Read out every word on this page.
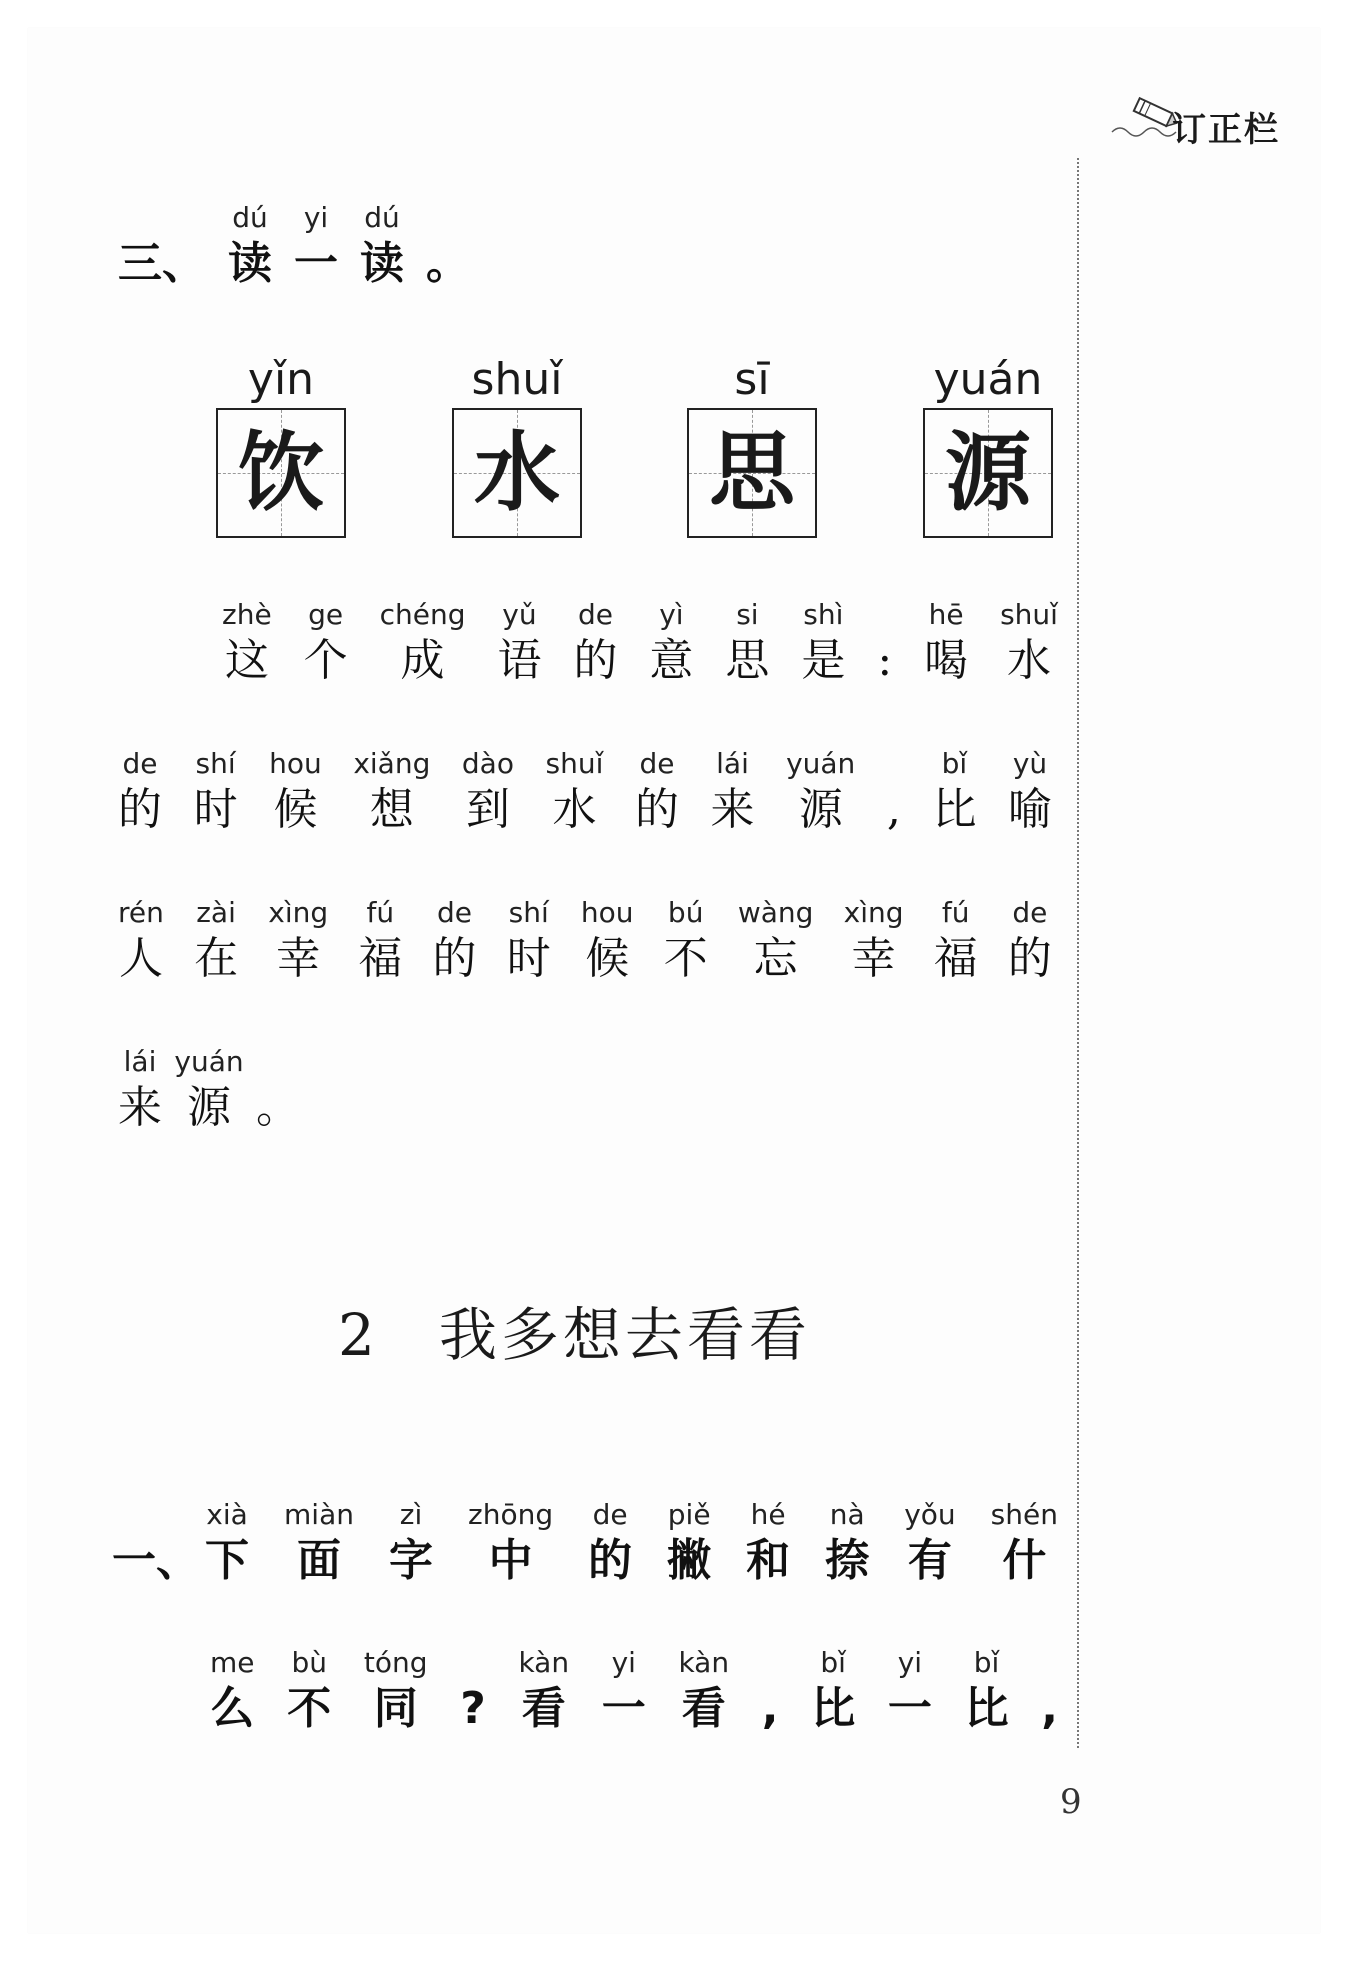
订正栏
三、
dú
读
yi
一
dú
读 。
yǐn
饮
shuǐ
水
sī
思
yuán
源
zhè
这
ge
个
chéng
成
yǔ
语
de
的
yì
意
si
思
shì
是 :
hē
喝
shuǐ
水
de
的
shí
时
hou
候
xiǎng
想
dào
到
shuǐ
水
de
的
lái
来
yuán
源 ,
bǐ
比
yù
喻
rén
人
zài
在
xìng
幸
fú
福
de
的
shí
时
hou
候
bú
不
wàng
忘
xìng
幸
fú
福
de
的
lái
来
yuán
源 。
2 我多想去看看
一、
xià
下
miàn
面
zì
字
zhōng
中
de
的
piě
撇
hé
和
nà
捺
yǒu
有
shén
什
me
么
bù
不
tóng
同 ?
kàn
看
yi
一
kàn
看 ,
bǐ
比
yi
一
bǐ
比 ,
9
